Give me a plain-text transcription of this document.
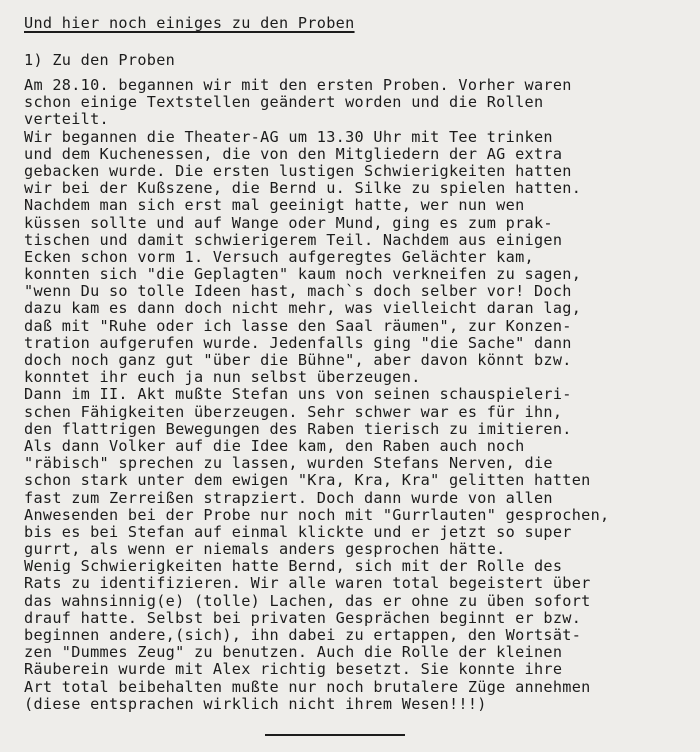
Und hier noch einiges zu den Proben
1) Zu den Proben
Am 28.10. begannen wir mit den ersten Proben. Vorher waren
schon einige Textstellen geändert worden und die Rollen
verteilt.
Wir begannen die Theater-AG um 13.30 Uhr mit Tee trinken
und dem Kuchenessen, die von den Mitgliedern der AG extra
gebacken wurde. Die ersten lustigen Schwierigkeiten hatten
wir bei der Kußszene, die Bernd u. Silke zu spielen hatten.
Nachdem man sich erst mal geeinigt hatte, wer nun wen
küssen sollte und auf Wange oder Mund, ging es zum prak-
tischen und damit schwierigerem Teil. Nachdem aus einigen
Ecken schon vorm 1. Versuch aufgeregtes Gelächter kam,
konnten sich "die Geplagten" kaum noch verkneifen zu sagen,
"wenn Du so tolle Ideen hast, mach`s doch selber vor! Doch
dazu kam es dann doch nicht mehr, was vielleicht daran lag,
daß mit "Ruhe oder ich lasse den Saal räumen", zur Konzen-
tration aufgerufen wurde. Jedenfalls ging "die Sache" dann
doch noch ganz gut "über die Bühne", aber davon könnt bzw.
konntet ihr euch ja nun selbst überzeugen.
Dann im II. Akt mußte Stefan uns von seinen schauspieleri-
schen Fähigkeiten überzeugen. Sehr schwer war es für ihn,
den flattrigen Bewegungen des Raben tierisch zu imitieren.
Als dann Volker auf die Idee kam, den Raben auch noch
"räbisch" sprechen zu lassen, wurden Stefans Nerven, die
schon stark unter dem ewigen "Kra, Kra, Kra" gelitten hatten
fast zum Zerreißen strapziert. Doch dann wurde von allen
Anwesenden bei der Probe nur noch mit "Gurrlauten" gesprochen,
bis es bei Stefan auf einmal klickte und er jetzt so super
gurrt, als wenn er niemals anders gesprochen hätte.
Wenig Schwierigkeiten hatte Bernd, sich mit der Rolle des
Rats zu identifizieren. Wir alle waren total begeistert über
das wahnsinnig(e) (tolle) Lachen, das er ohne zu üben sofort
drauf hatte. Selbst bei privaten Gesprächen beginnt er bzw.
beginnen andere,(sich), ihn dabei zu ertappen, den Wortsät-
zen "Dummes Zeug" zu benutzen. Auch die Rolle der kleinen
Räuberein wurde mit Alex richtig besetzt. Sie konnte ihre
Art total beibehalten mußte nur noch brutalere Züge annehmen
(diese entsprachen wirklich nicht ihrem Wesen!!!)
